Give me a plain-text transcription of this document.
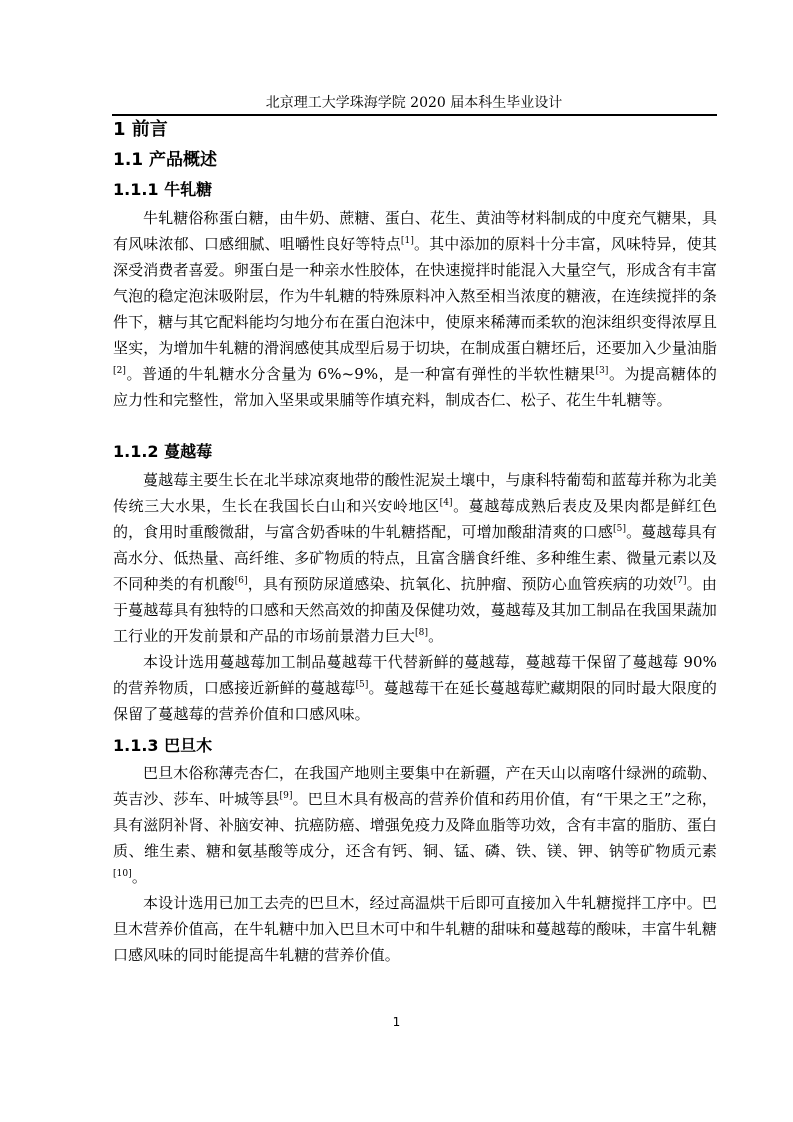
北京理工大学珠海学院 2020 届本科生毕业设计
1 前言
1.1 产品概述
1.1.1 牛轧糖

牛轧糖俗称蛋白糖，由牛奶、蔗糖、蛋白、花生、黄油等材料制成的中度充气糖果，具有风味浓郁、口感细腻、咀嚼性良好等特点[1]。其中添加的原料十分丰富，风味特异，使其深受消费者喜爱。卵蛋白是一种亲水性胶体，在快速搅拌时能混入大量空气，形成含有丰富气泡的稳定泡沫吸附层，作为牛轧糖的特殊原料冲入熬至相当浓度的糖液，在连续搅拌的条件下，糖与其它配料能均匀地分布在蛋白泡沫中，使原来稀薄而柔软的泡沫组织变得浓厚且坚实，为增加牛轧糖的滑润感使其成型后易于切块，在制成蛋白糖坯后，还要加入少量油脂[2]。普通的牛轧糖水分含量为 6%~9%，是一种富有弹性的半软性糖果[3]。为提高糖体的应力性和完整性，常加入坚果或果脯等作填充料，制成杏仁、松子、花生牛轧糖等。

1.1.2 蔓越莓

蔓越莓主要生长在北半球凉爽地带的酸性泥炭土壤中，与康科特葡萄和蓝莓并称为北美传统三大水果，生长在我国长白山和兴安岭地区[4]。蔓越莓成熟后表皮及果肉都是鲜红色的，食用时重酸微甜，与富含奶香味的牛轧糖搭配，可增加酸甜清爽的口感[5]。蔓越莓具有高水分、低热量、高纤维、多矿物质的特点，且富含膳食纤维、多种维生素、微量元素以及不同种类的有机酸[6]，具有预防尿道感染、抗氧化、抗肿瘤、预防心血管疾病的功效[7]。由于蔓越莓具有独特的口感和天然高效的抑菌及保健功效，蔓越莓及其加工制品在我国果蔬加工行业的开发前景和产品的市场前景潜力巨大[8]。

本设计选用蔓越莓加工制品蔓越莓干代替新鲜的蔓越莓，蔓越莓干保留了蔓越莓 90%的营养物质，口感接近新鲜的蔓越莓[5]。蔓越莓干在延长蔓越莓贮藏期限的同时最大限度的保留了蔓越莓的营养价值和口感风味。

1.1.3 巴旦木

巴旦木俗称薄壳杏仁，在我国产地则主要集中在新疆，产在天山以南喀什绿洲的疏勒、英吉沙、莎车、叶城等县[9]。巴旦木具有极高的营养价值和药用价值，有“干果之王”之称，具有滋阴补肾、补脑安神、抗癌防癌、增强免疫力及降血脂等功效，含有丰富的脂肪、蛋白质、维生素、糖和氨基酸等成分，还含有钙、铜、锰、磷、铁、镁、钾、钠等矿物质元素[10]。

本设计选用已加工去壳的巴旦木，经过高温烘干后即可直接加入牛轧糖搅拌工序中。巴旦木营养价值高，在牛轧糖中加入巴旦木可中和牛轧糖的甜味和蔓越莓的酸味，丰富牛轧糖口感风味的同时能提高牛轧糖的营养价值。

1
